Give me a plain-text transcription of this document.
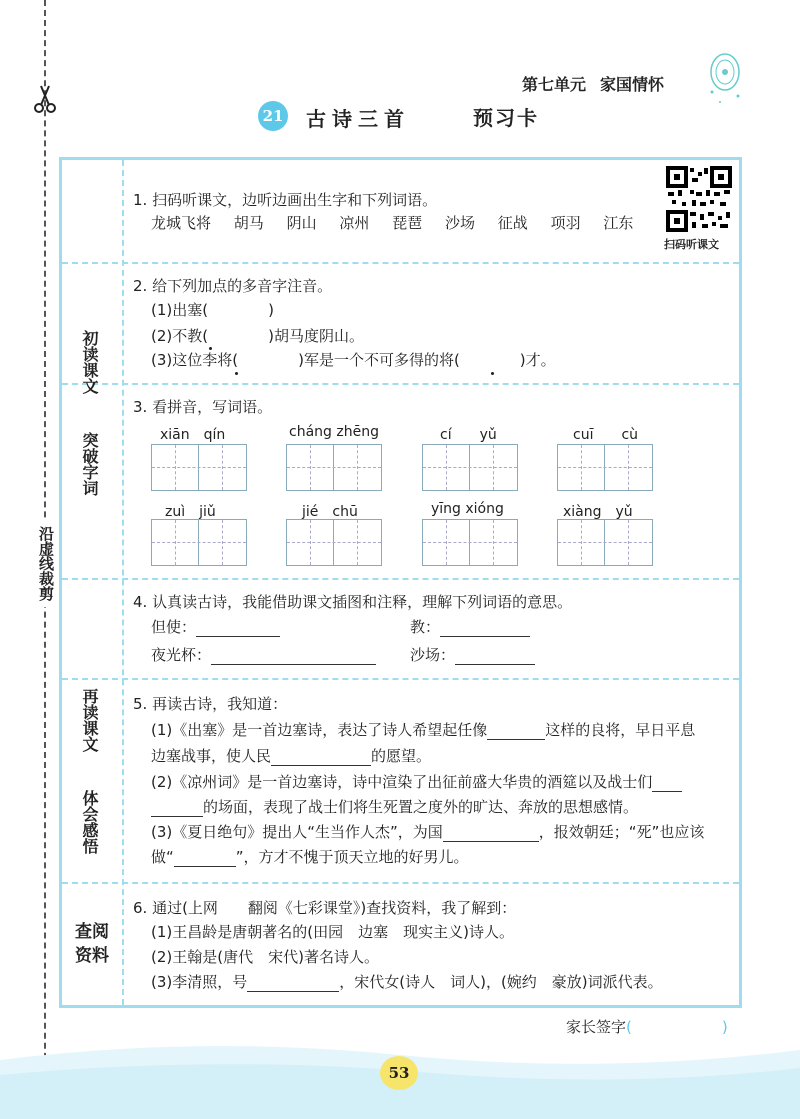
沿虚线裁剪
第七单元 家国情怀
21 古诗三首	预习卡
初读课文
突破字词
再读课文
体会感悟
查阅资料
扫码听课文
1. 扫码听课文，边听边画出生字和下列词语。
龙城飞将 胡马 阴山 凉州 琵琶 沙场 征战 项羽 江东
2. 给下列加点的多音字注音。
(1)出塞(　　　　)
(2)不教(　　　　)胡马度阴山。
(3)这位李将(　　　　)军是一个不可多得的将(　　　　)才。
3. 看拼音，写词语。
xiān　qín	cháng zhēng	cí　　yǔ	cuī　　cù
zuì　jiǔ	jié　chū	yīng xióng	xiàng　yǔ
4. 认真读古诗，我能借助课文插图和注释，理解下列词语的意思。
但使：	教：
夜光杯：	沙场：
5. 再读古诗，我知道：
(1)《出塞》是一首边塞诗，表达了诗人希望起任像	这样的良将，早日平息
边塞战事，使人民	的愿望。
(2)《凉州词》是一首边塞诗，诗中渲染了出征前盛大华贵的酒筵以及战士们
的场面，表现了战士们将生死置之度外的旷达、奔放的思想感情。
(3)《夏日绝句》提出人“生当作人杰”，为国	，报效朝廷；“死”也应该
做“	”，方才不愧于顶天立地的好男儿。
6. 通过(上网　　翻阅《七彩课堂》)查找资料，我了解到：
(1)王昌龄是唐朝著名的(田园　边塞　现实主义)诗人。
(2)王翰是(唐代　宋代)著名诗人。
(3)李清照，号	，宋代女(诗人　词人)，(婉约　豪放)词派代表。
家长签字(　　　　　　)
53
